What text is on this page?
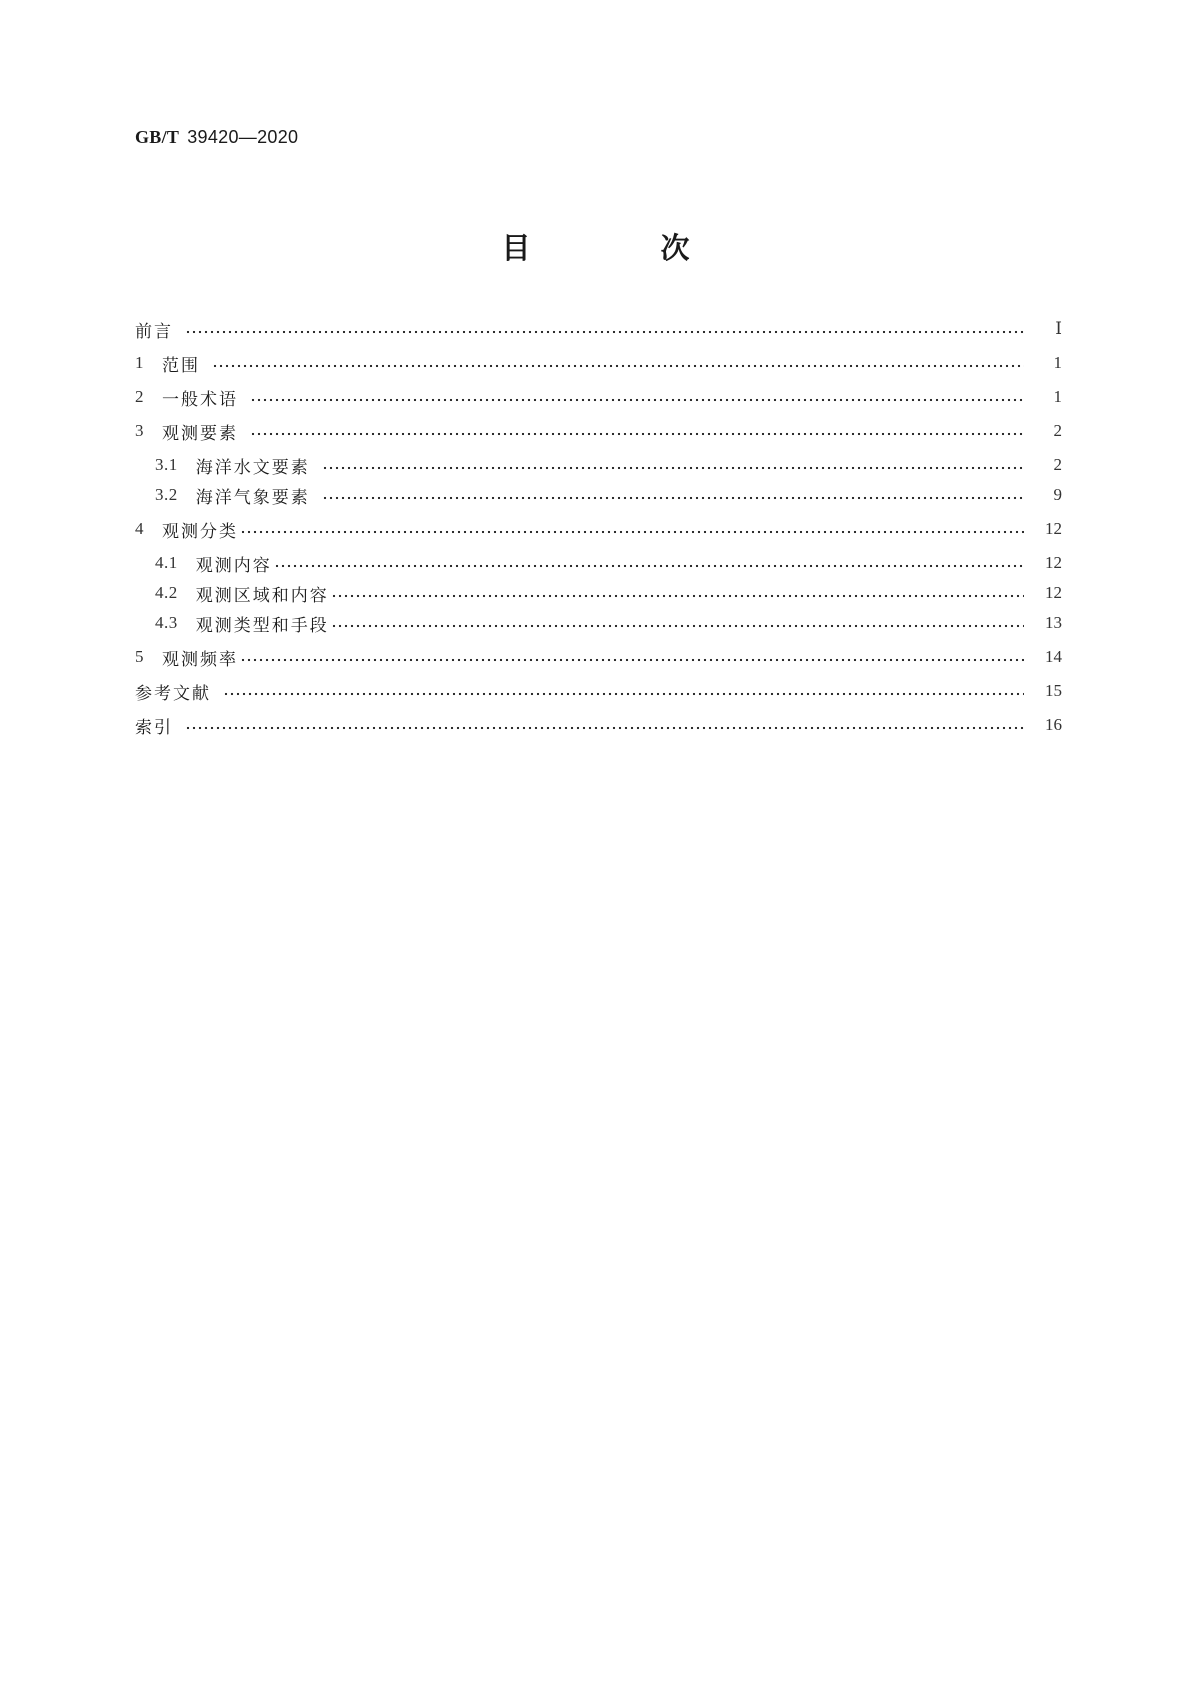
GB/T 39420—2020
目 次
前言	Ⅰ
1 范围	1
2 一般术语	1
3 观测要素	2
3.1 海洋水文要素	2
3.2 海洋气象要素	9
4 观测分类	12
4.1 观测内容	12
4.2 观测区域和内容	12
4.3 观测类型和手段	13
5 观测频率	14
参考文献	15
索引	16
